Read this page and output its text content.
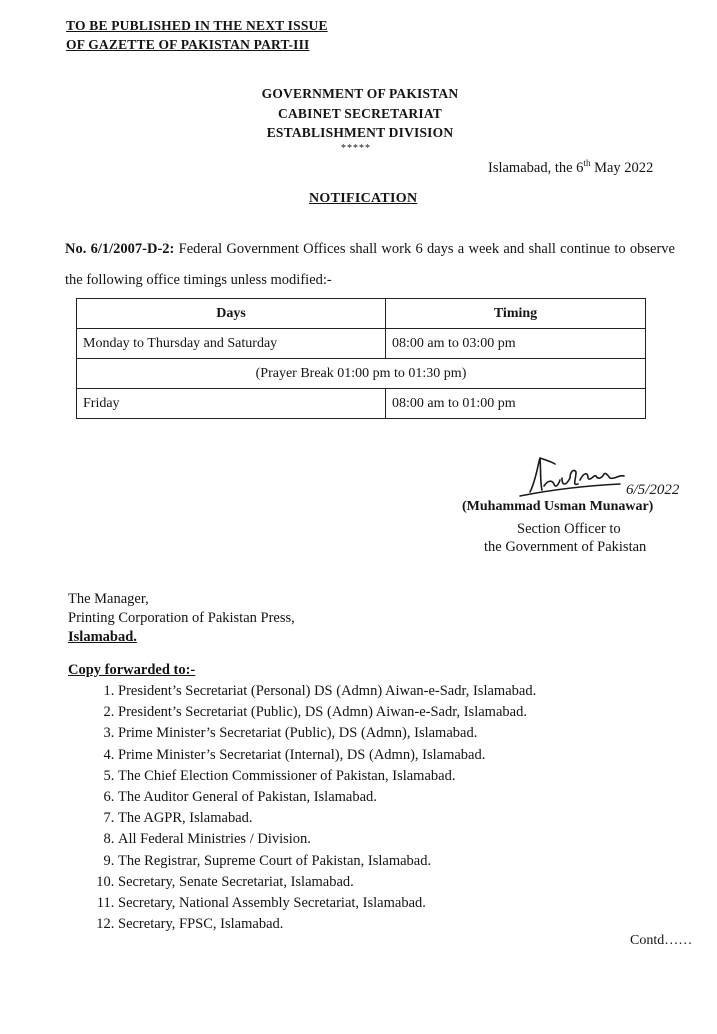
TO BE PUBLISHED IN THE NEXT ISSUE
OF GAZETTE OF PAKISTAN PART-III
GOVERNMENT OF PAKISTAN
CABINET SECRETARIAT
ESTABLISHMENT DIVISION
*****
Islamabad, the 6th May 2022
NOTIFICATION
No. 6/1/2007-D-2: Federal Government Offices shall work 6 days a week and shall continue to observe the following office timings unless modified:-
Days	Timing
Monday to Thursday and Saturday	08:00 am to 03:00 pm
(Prayer Break 01:00 pm to 01:30 pm)	
Friday	08:00 am to 01:00 pm
6/5/2022
(Muhammad Usman Munawar)
Section Officer to
the Government of Pakistan
The Manager,
Printing Corporation of Pakistan Press,
Islamabad.
Copy forwarded to:-
1. President’s Secretariat (Personal) DS (Admn) Aiwan-e-Sadr, Islamabad.
2. President’s Secretariat (Public), DS (Admn) Aiwan-e-Sadr, Islamabad.
3. Prime Minister’s Secretariat (Public), DS (Admn), Islamabad.
4. Prime Minister’s Secretariat (Internal), DS (Admn), Islamabad.
5. The Chief Election Commissioner of Pakistan, Islamabad.
6. The Auditor General of Pakistan, Islamabad.
7. The AGPR, Islamabad.
8. All Federal Ministries / Division.
9. The Registrar, Supreme Court of Pakistan, Islamabad.
10. Secretary, Senate Secretariat, Islamabad.
11. Secretary, National Assembly Secretariat, Islamabad.
12. Secretary, FPSC, Islamabad.
Contd……
